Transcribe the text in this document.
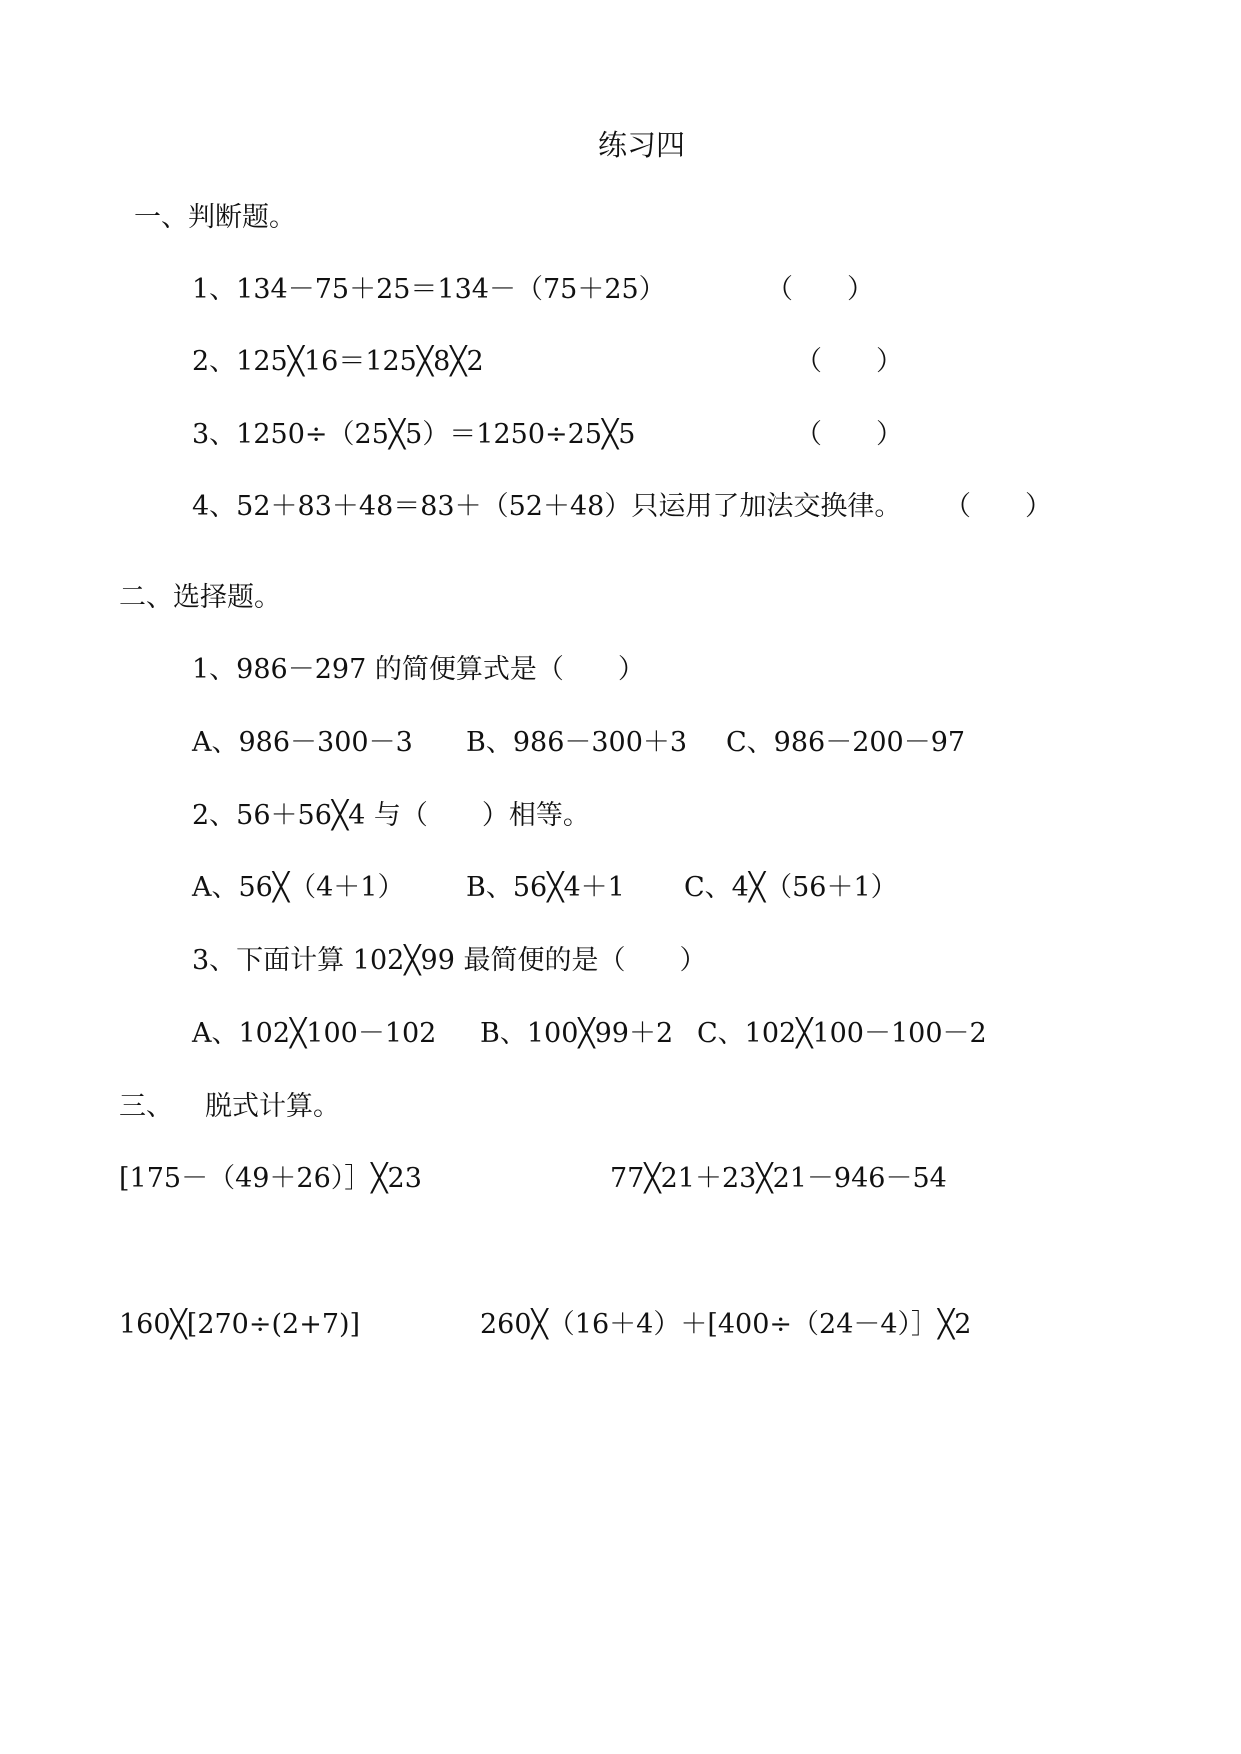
练习四
一、判断题。
1、134－75＋25＝134－（75＋25）	（　　）
2、125╳16＝125╳8╳2	（　　）
3、1250÷（25╳5）＝1250÷25╳5	（　　）
4、52＋83＋48＝83＋（52＋48）只运用了加法交换律。 （　　）
二、选择题。
1、986－297 的简便算式是（　　）
A、986－300－3 B、986－300＋3 C、986－200－97
2、56＋56╳4 与（　　）相等。
A、56╳（4＋1） B、56╳4＋1 C、4╳（56＋1）
3、下面计算 102╳99 最简便的是（　　）
A、102╳100－102 B、100╳99＋2 C、102╳100－100－2
三、 脱式计算。
[175－（49＋26）］╳23	77╳21＋23╳21－946－54
160╳[270÷(2+7)]	260╳（16＋4）＋[400÷（24－4）］╳2
